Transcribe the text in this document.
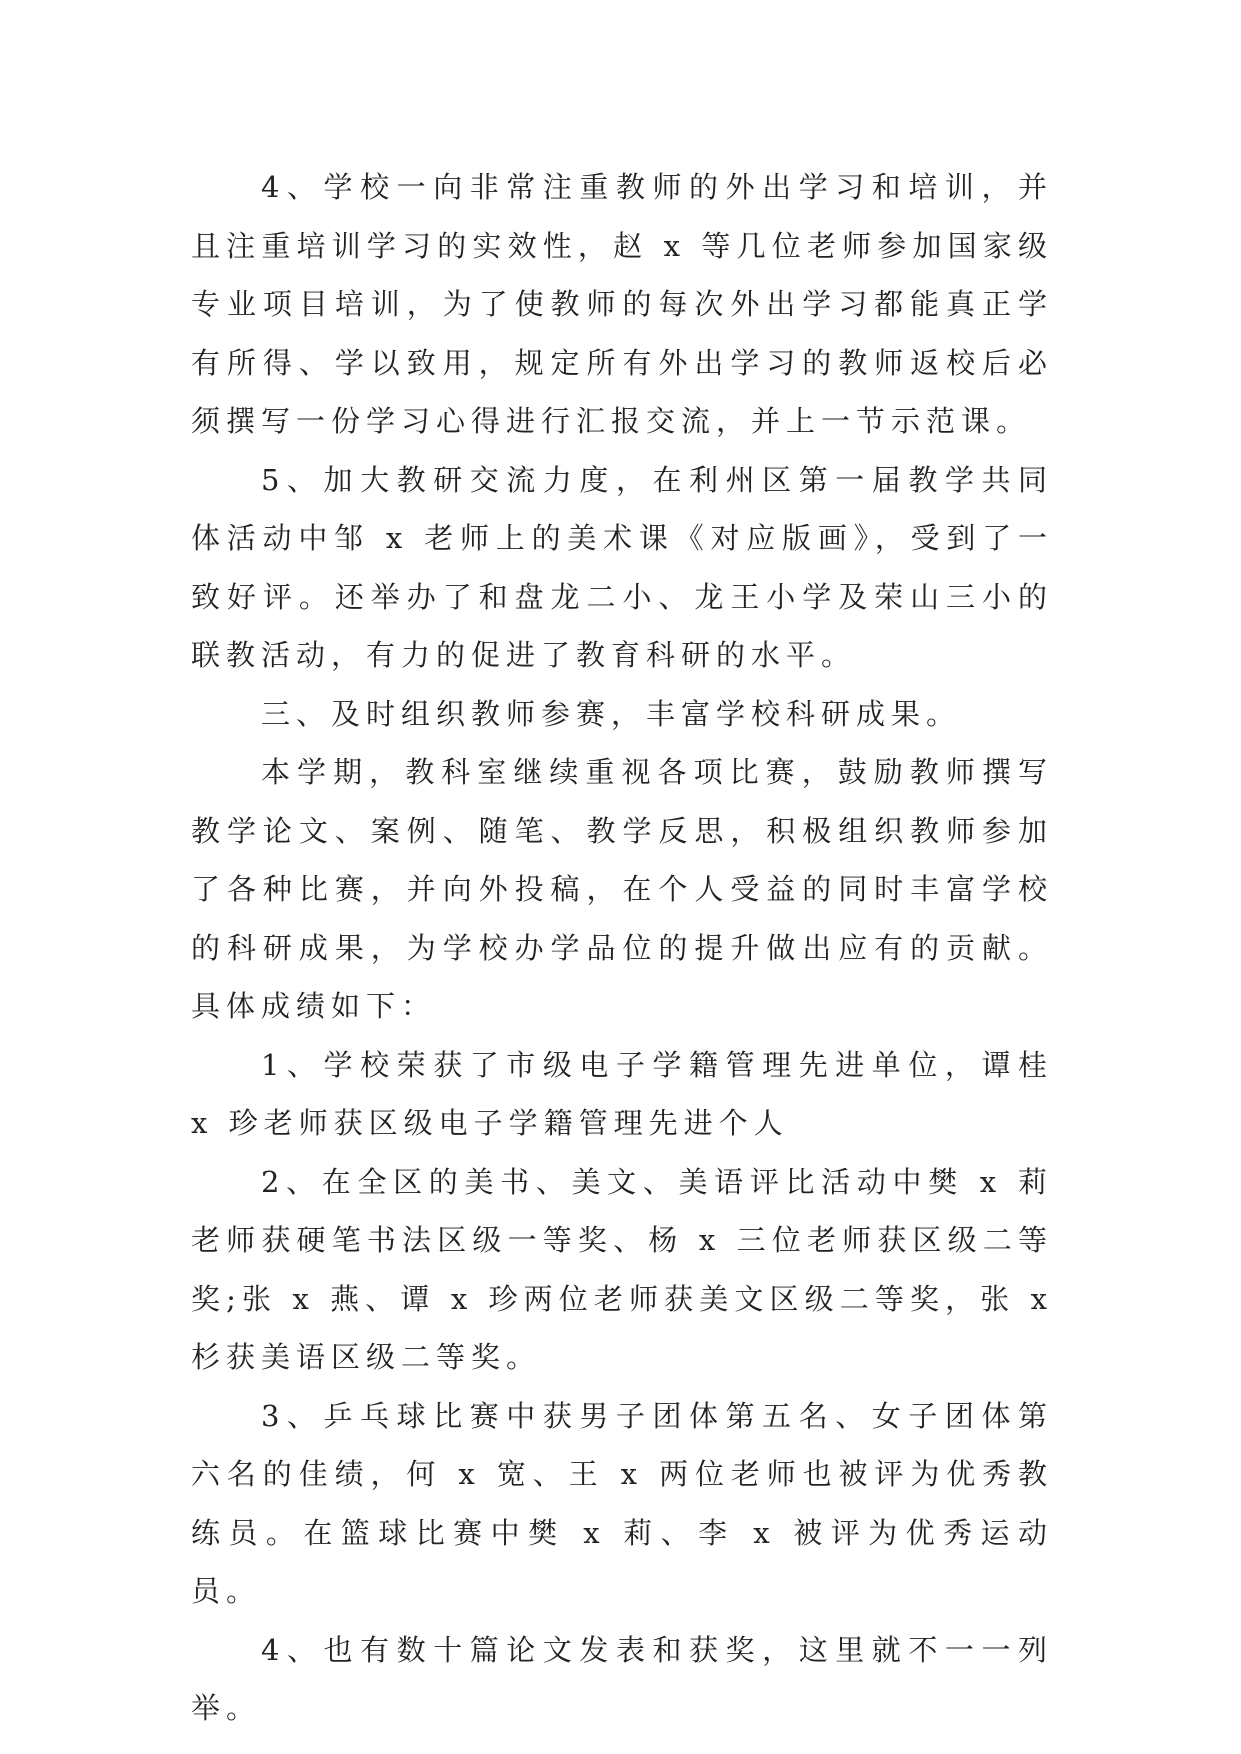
4、学校一向非常注重教师的外出学习和培训，并且注重培训学习的实效性，赵 x 等几位老师参加国家级专业项目培训，为了使教师的每次外出学习都能真正学有所得、学以致用，规定所有外出学习的教师返校后必须撰写一份学习心得进行汇报交流，并上一节示范课。

5、加大教研交流力度，在利州区第一届教学共同体活动中邹 x 老师上的美术课《对应版画》，受到了一致好评。还举办了和盘龙二小、龙王小学及荣山三小的联教活动，有力的促进了教育科研的水平。

三、及时组织教师参赛，丰富学校科研成果。

本学期，教科室继续重视各项比赛，鼓励教师撰写教学论文、案例、随笔、教学反思，积极组织教师参加了各种比赛，并向外投稿，在个人受益的同时丰富学校的科研成果，为学校办学品位的提升做出应有的贡献。具体成绩如下：

1、学校荣获了市级电子学籍管理先进单位，谭桂 x 珍老师获区级电子学籍管理先进个人

2、在全区的美书、美文、美语评比活动中樊 x 莉老师获硬笔书法区级一等奖、杨 x 三位老师获区级二等奖;张 x 燕、谭 x 珍两位老师获美文区级二等奖，张 x 杉获美语区级二等奖。

3、乒乓球比赛中获男子团体第五名、女子团体第六名的佳绩，何 x 宽、王 x 两位老师也被评为优秀教练员。在篮球比赛中樊 x 莉、李 x 被评为优秀运动员。

4、也有数十篇论文发表和获奖，这里就不一一列举。
